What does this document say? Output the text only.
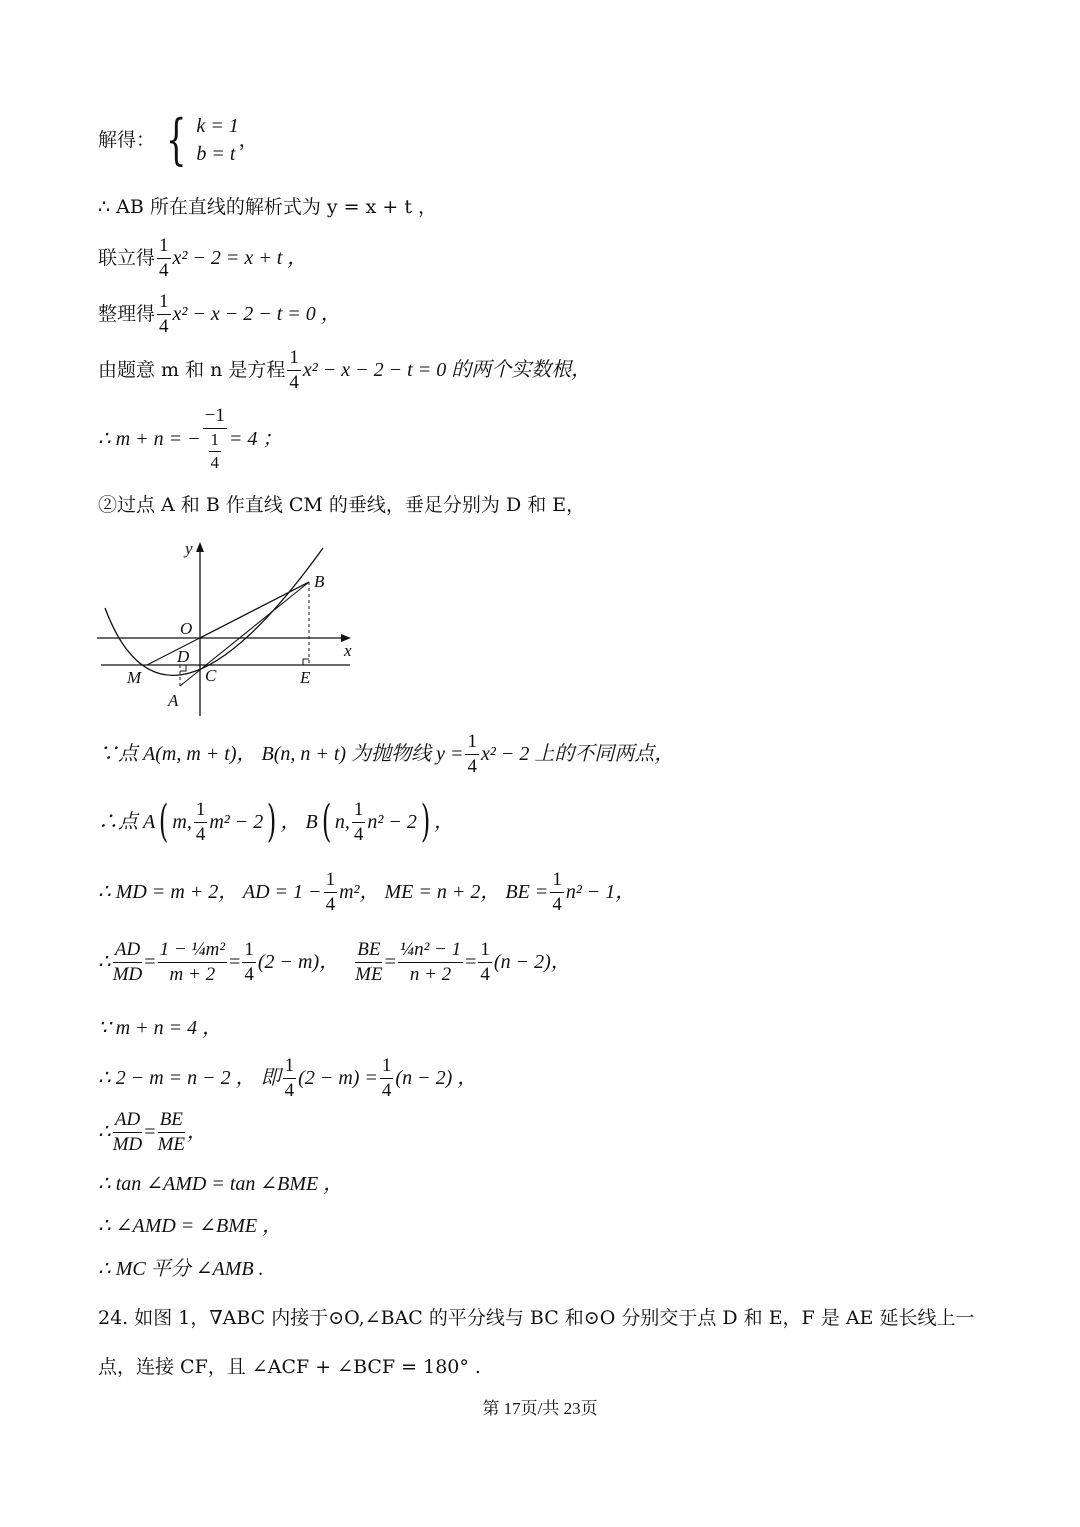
解得： { k = 1
b = t
，
∴ AB 所在直线的解析式为 y = x + t ，
联立得 $\frac{1}{4} x^2 - 2 = x + t$ ，
整理得 $\frac{1}{4} x^2 - x - 2 - t = 0$ ，
由题意 m 和 n 是方程 $\frac{1}{4} x^2 - x - 2 - t = 0$ 的两个实数根，
∴ m + n = − $\frac{-1}{\frac{1}{4}} = 4$ ；
②过点 A 和 B 作直线 CM 的垂线，垂足分别为 D 和 E，
y
x
O
B
D
C	E
M
A
∵点 A(m, m + t)， B(n, n + t) 为抛物线 $y = \frac{1}{4} x^2 - 2$ 上的不同两点，
∴点 A ( m, $\frac{1}{4} m^2 - 2$ ) ， B ( n, $\frac{1}{4} n^2 - 2$ ) ，
∴ MD = m + 2， AD = $1 - \frac{1}{4} m^2$， ME = n + 2， BE = $\frac{1}{4} n^2 - 1$，
∴ $\frac{AD}{MD} = \frac{\text{1 − ¼m²}}{m + 2} = \frac{1}{4} (2 - m)$， $\frac{BE}{ME} = \frac{\text{¼n² − 1}}{n + 2} = \frac{1}{4} (n - 2)$，
∵ m + n = 4 ，
∴ 2 − m = n − 2 ， 即 $\frac{1}{4} (2 - m) = \frac{1}{4} (n - 2)$ ，
∴ $\frac{AD}{MD} = \frac{BE}{ME}$ ，
∴ tan ∠AMD = tan ∠BME ，
∴ ∠AMD = ∠BME ，
∴ MC 平分 ∠AMB .
24. 如图 1，∇ABC 内接于⊙O,∠BAC 的平分线与 BC 和⊙O 分别交于点 D 和 E，F 是 AE 延长线上一
点，连接 CF，且 ∠ACF + ∠BCF = 180° .
第 17页/共 23页
